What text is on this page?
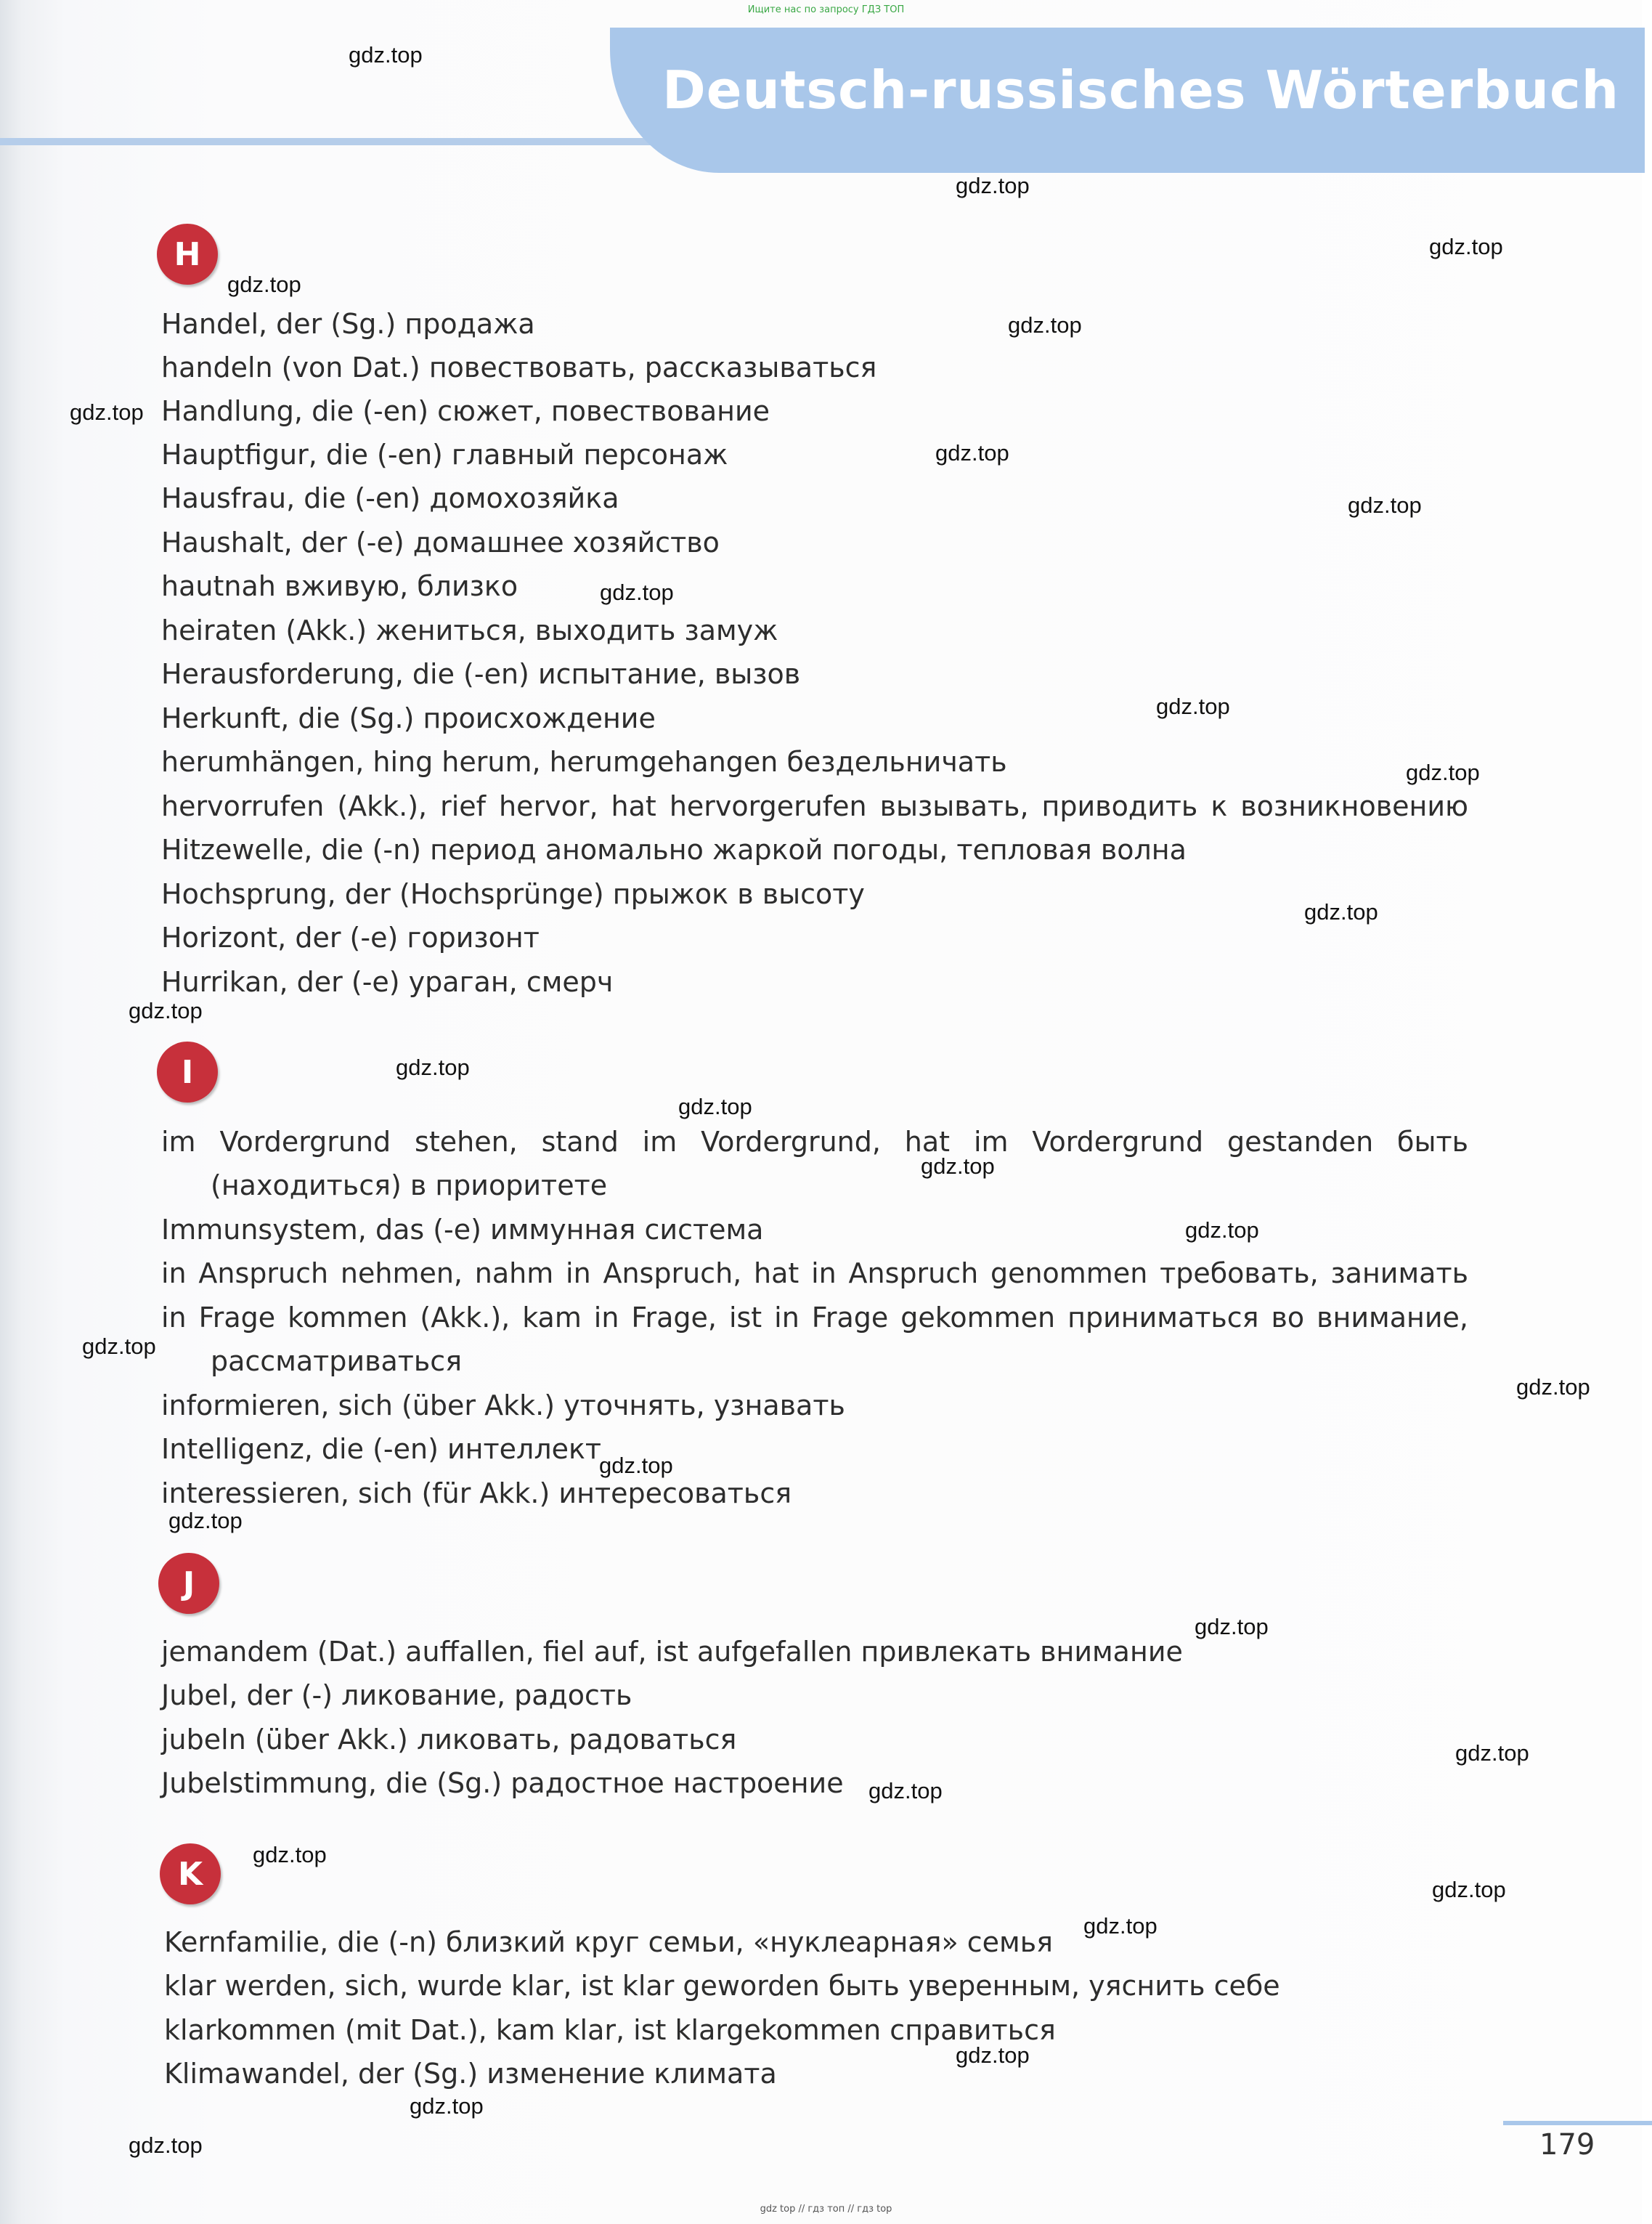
Ищите нас по запросу ГДЗ ТОП
Deutsch-russisches Wörterbuch
H
Handel, der (Sg.) продажа
handeln (von Dat.) повествовать, рассказываться
Handlung, die (-en) сюжет, повествование
Hauptfigur, die (-en) главный персонаж
Hausfrau, die (-en) домохозяйка
Haushalt, der (-e) домашнее хозяйство
hautnah вживую, близко
heiraten (Akk.) жениться, выходить замуж
Herausforderung, die (-en) испытание, вызов
Herkunft, die (Sg.) происхождение
herumhängen, hing herum, herumgehangen бездельничать
hervorrufen (Akk.), rief hervor, hat hervorgerufen вызывать, приводить к возникновению
Hitzewelle, die (-n) период аномально жаркой погоды, тепловая волна
Hochsprung, der (Hochsprünge) прыжок в высоту
Horizont, der (-e) горизонт
Hurrikan, der (-e) ураган, смерч
I
im Vordergrund stehen, stand im Vordergrund, hat im Vordergrund gestanden быть
(находиться) в приоритете
Immunsystem, das (-e) иммунная система
in Anspruch nehmen, nahm in Anspruch, hat in Anspruch genommen требовать, занимать
in Frage kommen (Akk.), kam in Frage, ist in Frage gekommen приниматься во внимание,
рассматриваться
informieren, sich (über Akk.) уточнять, узнавать
Intelligenz, die (-en) интеллект
interessieren, sich (für Akk.) интересоваться
J
jemandem (Dat.) auffallen, fiel auf, ist aufgefallen привлекать внимание
Jubel, der (-) ликование, радость
jubeln (über Akk.) ликовать, радоваться
Jubelstimmung, die (Sg.) радостное настроение
K
Kernfamilie, die (-n) близкий круг семьи, «нуклеарная» семья
klar werden, sich, wurde klar, ist klar geworden быть уверенным, уяснить себе
klarkommen (mit Dat.), kam klar, ist klargekommen справиться
Klimawandel, der (Sg.) изменение климата
179
gdz.top
gdz.top
gdz.top
gdz.top
gdz.top
gdz.top
gdz.top
gdz.top
gdz.top
gdz.top
gdz.top
gdz.top
gdz.top
gdz.top
gdz.top
gdz.top
gdz.top
gdz.top
gdz.top
gdz.top
gdz.top
gdz.top
gdz.top
gdz.top
gdz.top
gdz.top
gdz.top
gdz.top
gdz.top
gdz.top
gdz top // гдз топ // гдз top
